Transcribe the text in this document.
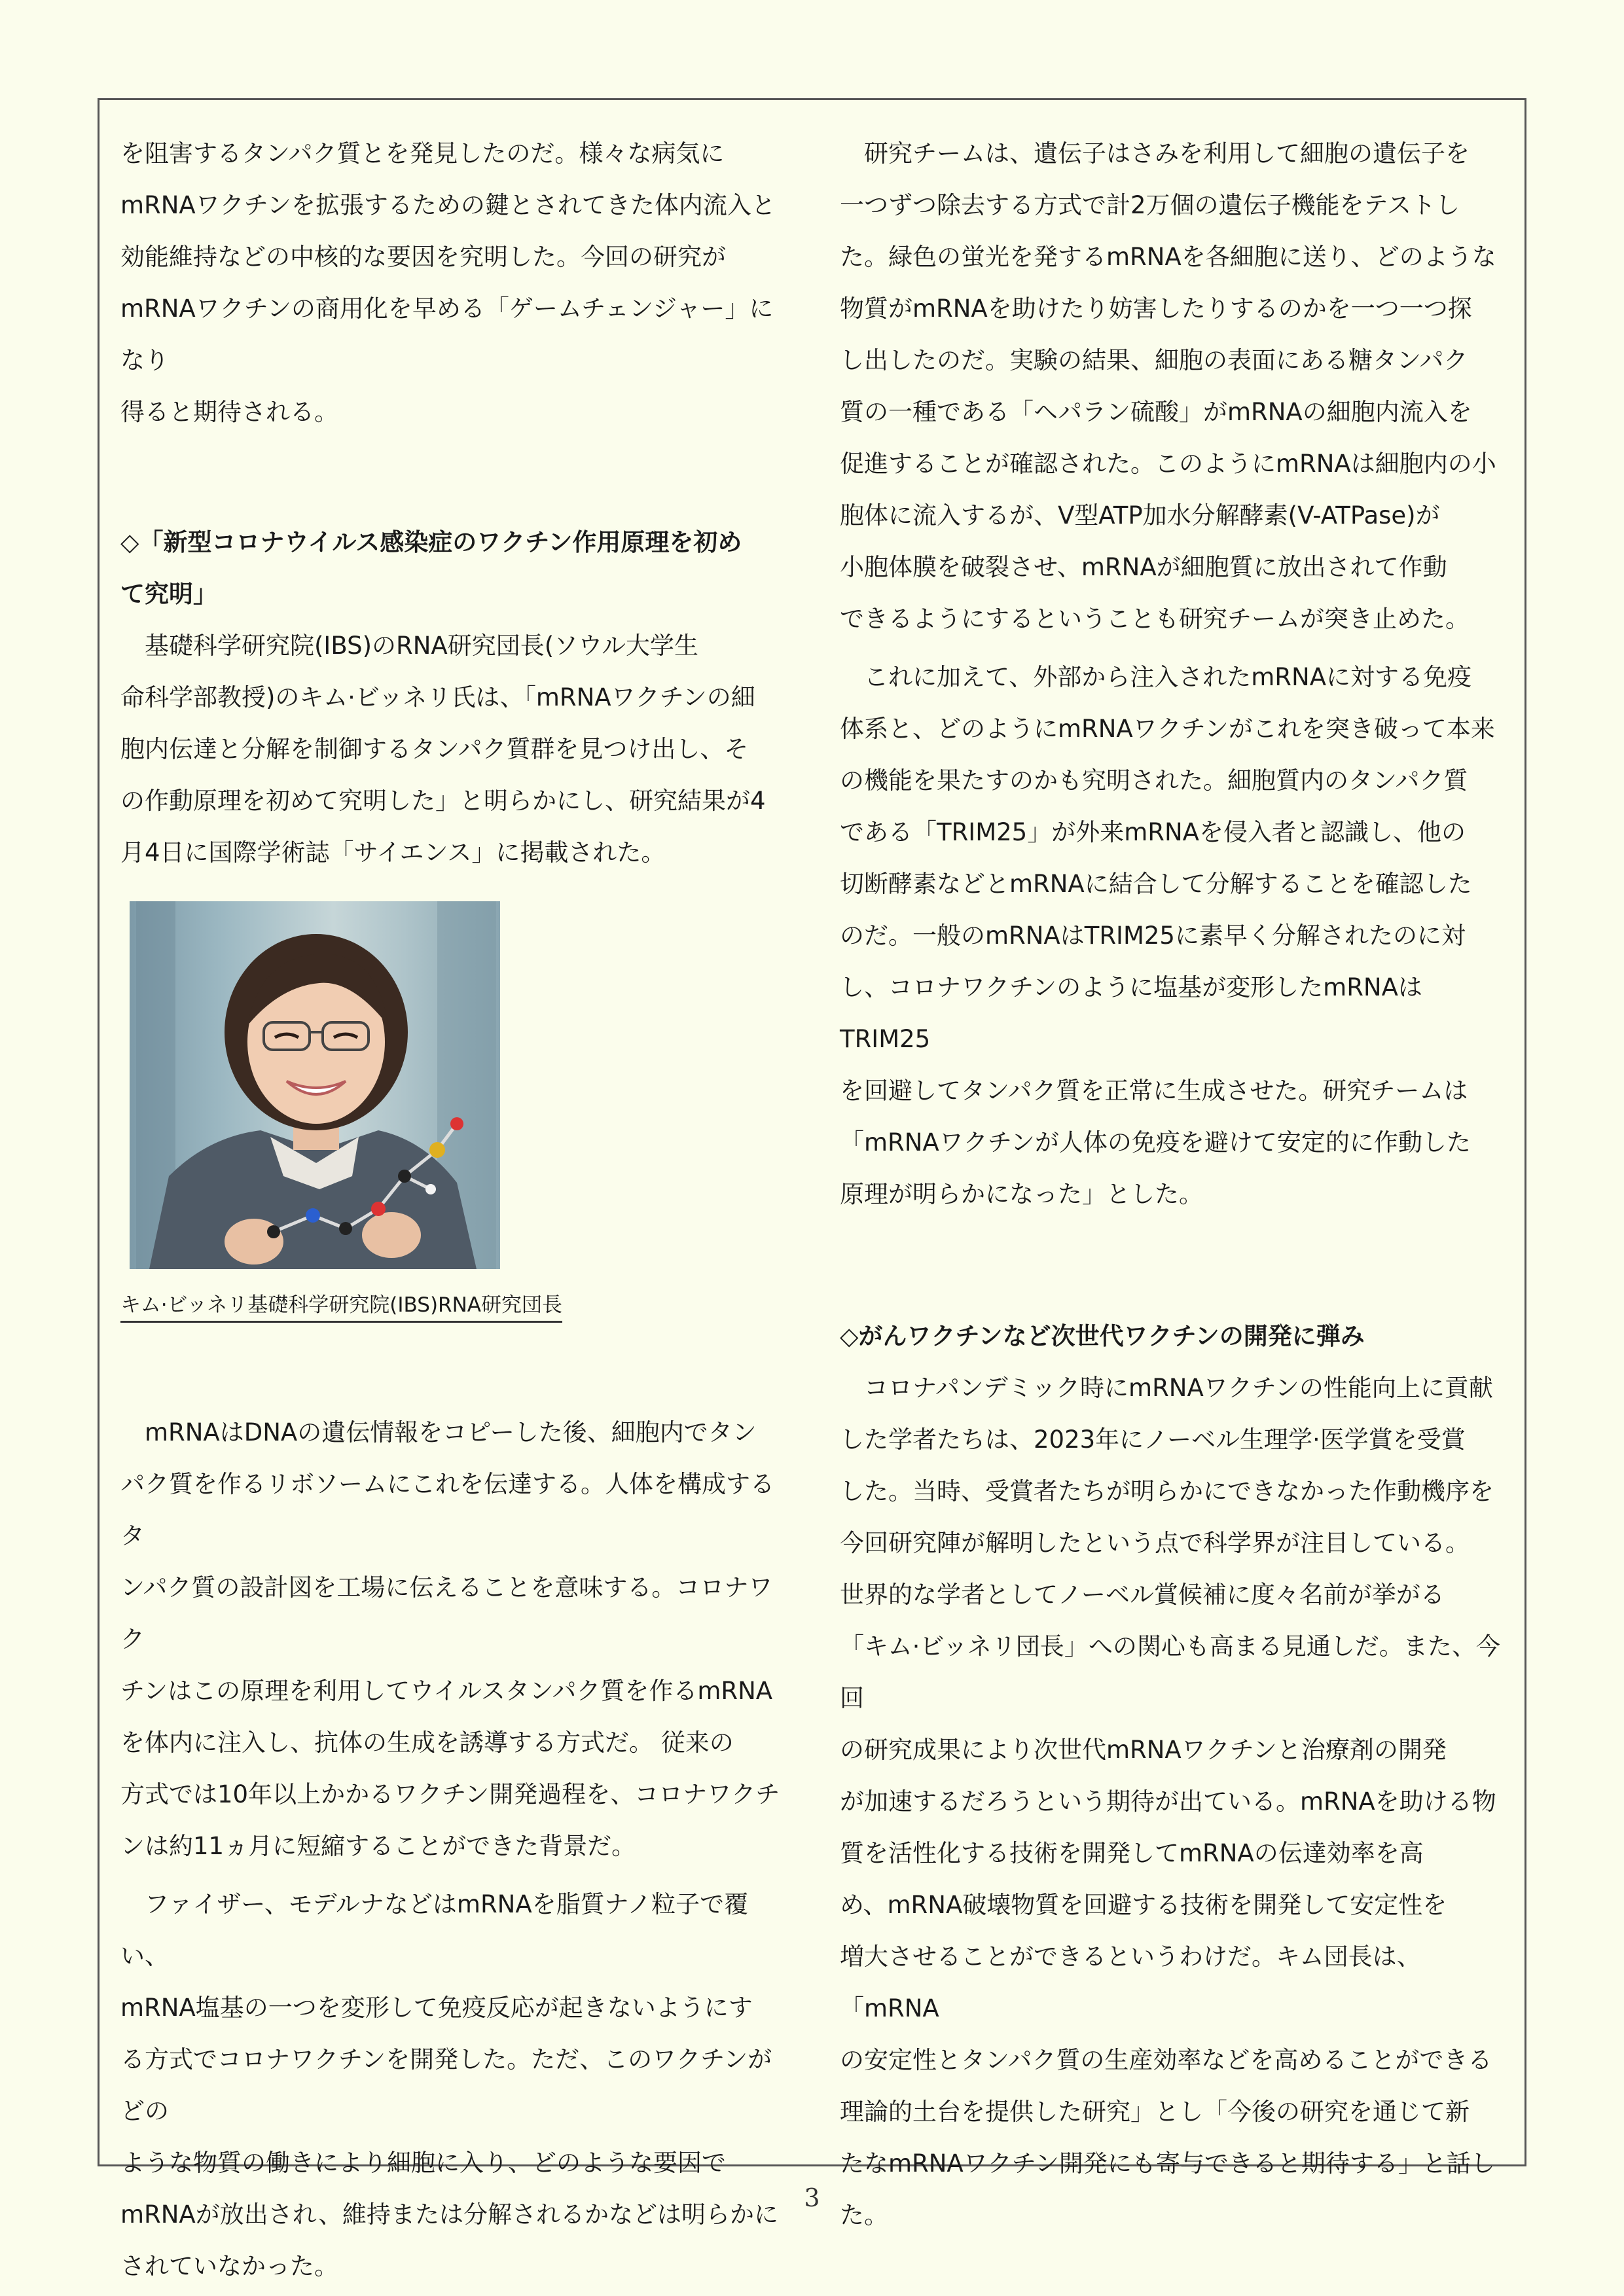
を阻害するタンパク質とを発見したのだ。様々な病気に

mRNAワクチンを拡張するための鍵とされてきた体内流入と

効能維持などの中核的な要因を究明した。今回の研究が

mRNAワクチンの商用化を早める「ゲームチェンジャー」になり

得ると期待される。

◇「新型コロナウイルス感染症のワクチン作用原理を初め

て究明」

基礎科学研究院(IBS)のRNA研究団長(ソウル大学生

命科学部教授)のキム·ビッネリ氏は、「mRNAワクチンの細

胞内伝達と分解を制御するタンパク質群を見つけ出し、そ

の作動原理を初めて究明した」と明らかにし、研究結果が4

月4日に国際学術誌「サイエンス」に掲載された。

キム·ビッネリ基礎科学研究院(IBS)RNA研究団長

mRNAはDNAの遺伝情報をコピーした後、細胞内でタン

パク質を作るリボソームにこれを伝達する。人体を構成するタ

ンパク質の設計図を工場に伝えることを意味する。コロナワク

チンはこの原理を利用してウイルスタンパク質を作るmRNA

を体内に注入し、抗体の生成を誘導する方式だ。 従来の

方式では10年以上かかるワクチン開発過程を、コロナワクチ

ンは約11ヵ月に短縮することができた背景だ。

ファイザー、モデルナなどはmRNAを脂質ナノ粒子で覆い、

mRNA塩基の一つを変形して免疫反応が起きないようにす

る方式でコロナワクチンを開発した。ただ、このワクチンがどの

ような物質の働きにより細胞に入り、どのような要因で

mRNAが放出され、維持または分解されるかなどは明らかに

されていなかった。

研究チームは、遺伝子はさみを利用して細胞の遺伝子を

一つずつ除去する方式で計2万個の遺伝子機能をテストし

た。緑色の蛍光を発するmRNAを各細胞に送り、どのような

物質がmRNAを助けたり妨害したりするのかを一つ一つ探

し出したのだ。実験の結果、細胞の表面にある糖タンパク

質の一種である「ヘパラン硫酸」がmRNAの細胞内流入を

促進することが確認された。このようにmRNAは細胞内の小

胞体に流入するが、V型ATP加水分解酵素(V-ATPase)が

小胞体膜を破裂させ、mRNAが細胞質に放出されて作動

できるようにするということも研究チームが突き止めた。

これに加えて、外部から注入されたmRNAに対する免疫

体系と、どのようにmRNAワクチンがこれを突き破って本来

の機能を果たすのかも究明された。細胞質内のタンパク質

である「TRIM25」が外来mRNAを侵入者と認識し、他の

切断酵素などとmRNAに結合して分解することを確認した

のだ。一般のmRNAはTRIM25に素早く分解されたのに対

し、コロナワクチンのように塩基が変形したmRNAはTRIM25

を回避してタンパク質を正常に生成させた。研究チームは

「mRNAワクチンが人体の免疫を避けて安定的に作動した

原理が明らかになった」とした。

◇がんワクチンなど次世代ワクチンの開発に弾み

コロナパンデミック時にmRNAワクチンの性能向上に貢献

した学者たちは、2023年にノーベル生理学·医学賞を受賞

した。当時、受賞者たちが明らかにできなかった作動機序を

今回研究陣が解明したという点で科学界が注目している。

世界的な学者としてノーベル賞候補に度々名前が挙がる

「キム·ビッネリ団長」への関心も高まる見通しだ。また、今回

の研究成果により次世代mRNAワクチンと治療剤の開発

が加速するだろうという期待が出ている。mRNAを助ける物

質を活性化する技術を開発してmRNAの伝達効率を高

め、mRNA破壊物質を回避する技術を開発して安定性を

増大させることができるというわけだ。キム団長は、「mRNA

の安定性とタンパク質の生産効率などを高めることができる

理論的土台を提供した研究」とし「今後の研究を通じて新

たなmRNAワクチン開発にも寄与できると期待する」と話し

た。

3
